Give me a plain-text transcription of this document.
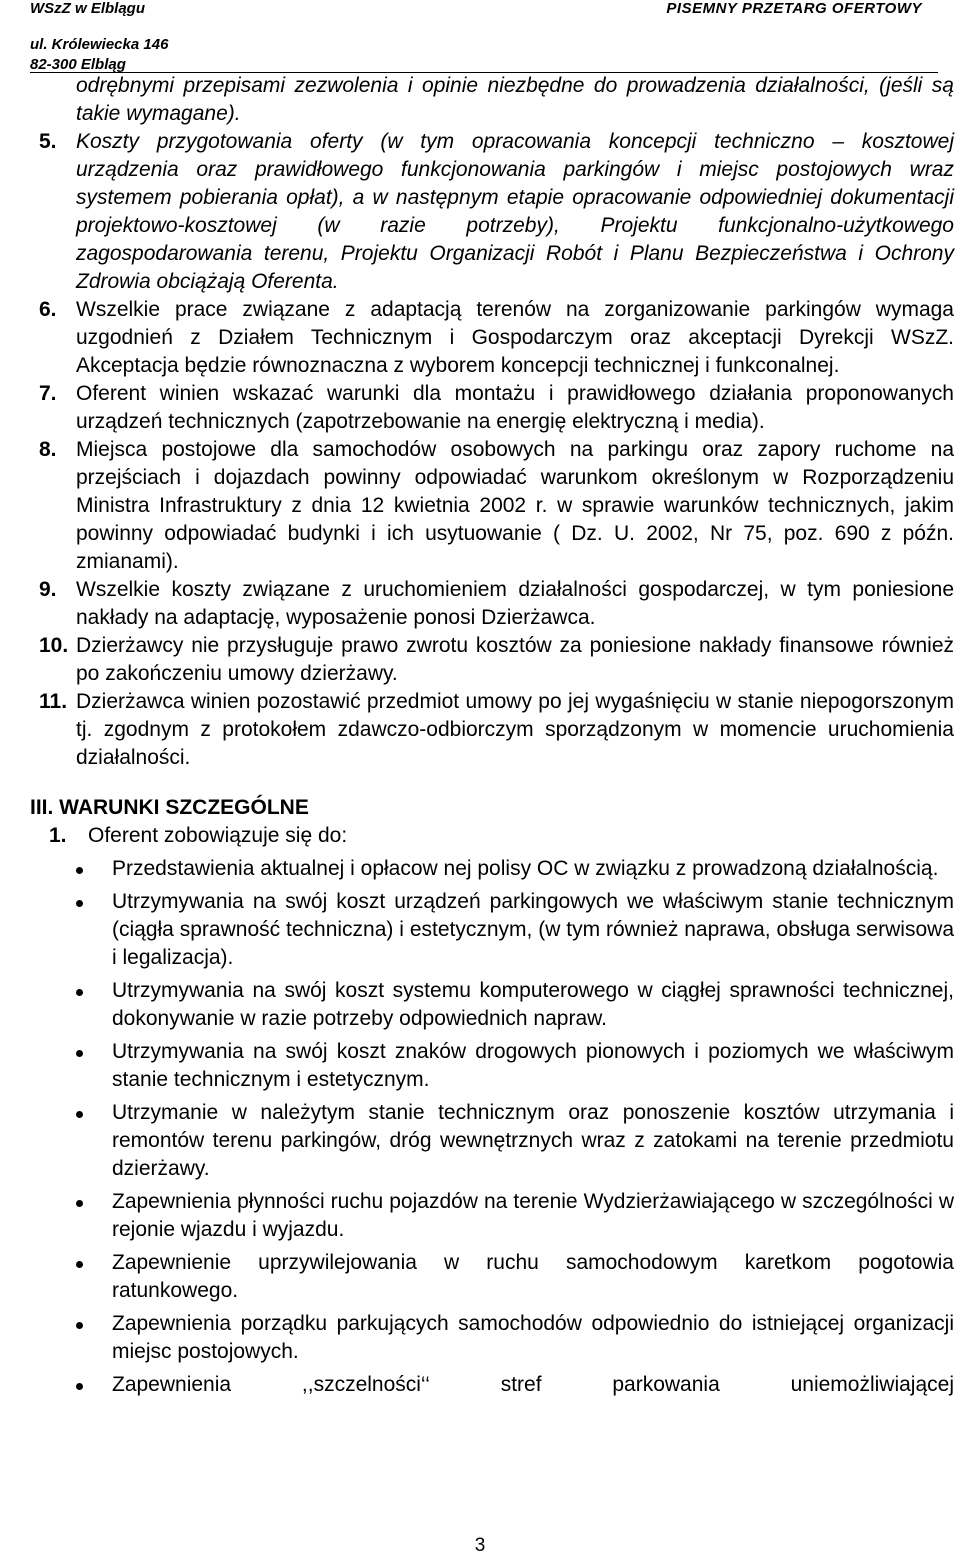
WSzZ w Elblągu	PISEMNY PRZETARG OFERTOWY
ul. Królewiecka 146
82-300 Elbląg
odrębnymi przepisami zezwolenia i opinie niezbędne do prowadzenia działalności, (jeśli są takie wymagane).
5. Koszty przygotowania oferty (w tym opracowania koncepcji techniczno – kosztowej urządzenia oraz prawidłowego funkcjonowania parkingów i miejsc postojowych wraz systemem pobierania opłat), a w następnym etapie opracowanie odpowiedniej dokumentacji projektowo-kosztowej (w razie potrzeby), Projektu funkcjonalno-użytkowego zagospodarowania terenu, Projektu Organizacji Robót i Planu Bezpieczeństwa i Ochrony Zdrowia obciążają Oferenta.
6. Wszelkie prace związane z adaptacją terenów na zorganizowanie parkingów wymaga uzgodnień z Działem Technicznym i Gospodarczym oraz akceptacji Dyrekcji WSzZ. Akceptacja będzie równoznaczna z wyborem koncepcji technicznej i funkconalnej.
7. Oferent winien wskazać warunki dla montażu i prawidłowego działania proponowanych urządzeń technicznych (zapotrzebowanie na energię elektryczną i media).
8. Miejsca postojowe dla samochodów osobowych na parkingu oraz zapory ruchome na przejściach i dojazdach powinny odpowiadać warunkom określonym w Rozporządzeniu Ministra Infrastruktury z dnia 12 kwietnia 2002 r. w sprawie warunków technicznych, jakim powinny odpowiadać budynki i ich usytuowanie ( Dz. U. 2002, Nr 75, poz. 690 z późn. zmianami).
9. Wszelkie koszty związane z uruchomieniem działalności gospodarczej, w tym poniesione nakłady na adaptację, wyposażenie ponosi Dzierżawca.
10. Dzierżawcy nie przysługuje prawo zwrotu kosztów za poniesione nakłady finansowe również po zakończeniu umowy dzierżawy.
11. Dzierżawca winien pozostawić przedmiot umowy po jej wygaśnięciu w stanie niepogorszonym tj. zgodnym z protokołem zdawczo-odbiorczym sporządzonym w momencie uruchomienia działalności.
III. WARUNKI SZCZEGÓLNE
1. Oferent zobowiązuje się do:
Przedstawienia aktualnej i opłacow nej polisy OC w związku z prowadzoną działalnością.
Utrzymywania na swój koszt urządzeń parkingowych we właściwym stanie technicznym (ciągła sprawność techniczna) i estetycznym, (w tym również naprawa, obsługa serwisowa i legalizacja).
Utrzymywania na swój koszt systemu komputerowego w ciągłej sprawności technicznej, dokonywanie w razie potrzeby odpowiednich napraw.
Utrzymywania na swój koszt znaków drogowych pionowych i poziomych we właściwym stanie technicznym i estetycznym.
Utrzymanie w należytym stanie technicznym oraz ponoszenie kosztów utrzymania i remontów terenu parkingów, dróg wewnętrznych wraz z zatokami na terenie przedmiotu dzierżawy.
Zapewnienia płynności ruchu pojazdów na terenie Wydzierżawiającego w szczególności w rejonie wjazdu i wyjazdu.
Zapewnienie uprzywilejowania w ruchu samochodowym karetkom pogotowia ratunkowego.
Zapewnienia porządku parkujących samochodów odpowiednio do istniejącej organizacji miejsc postojowych.
Zapewnienia ,,szczelności‘‘ stref parkowania uniemożliwiającej
3
